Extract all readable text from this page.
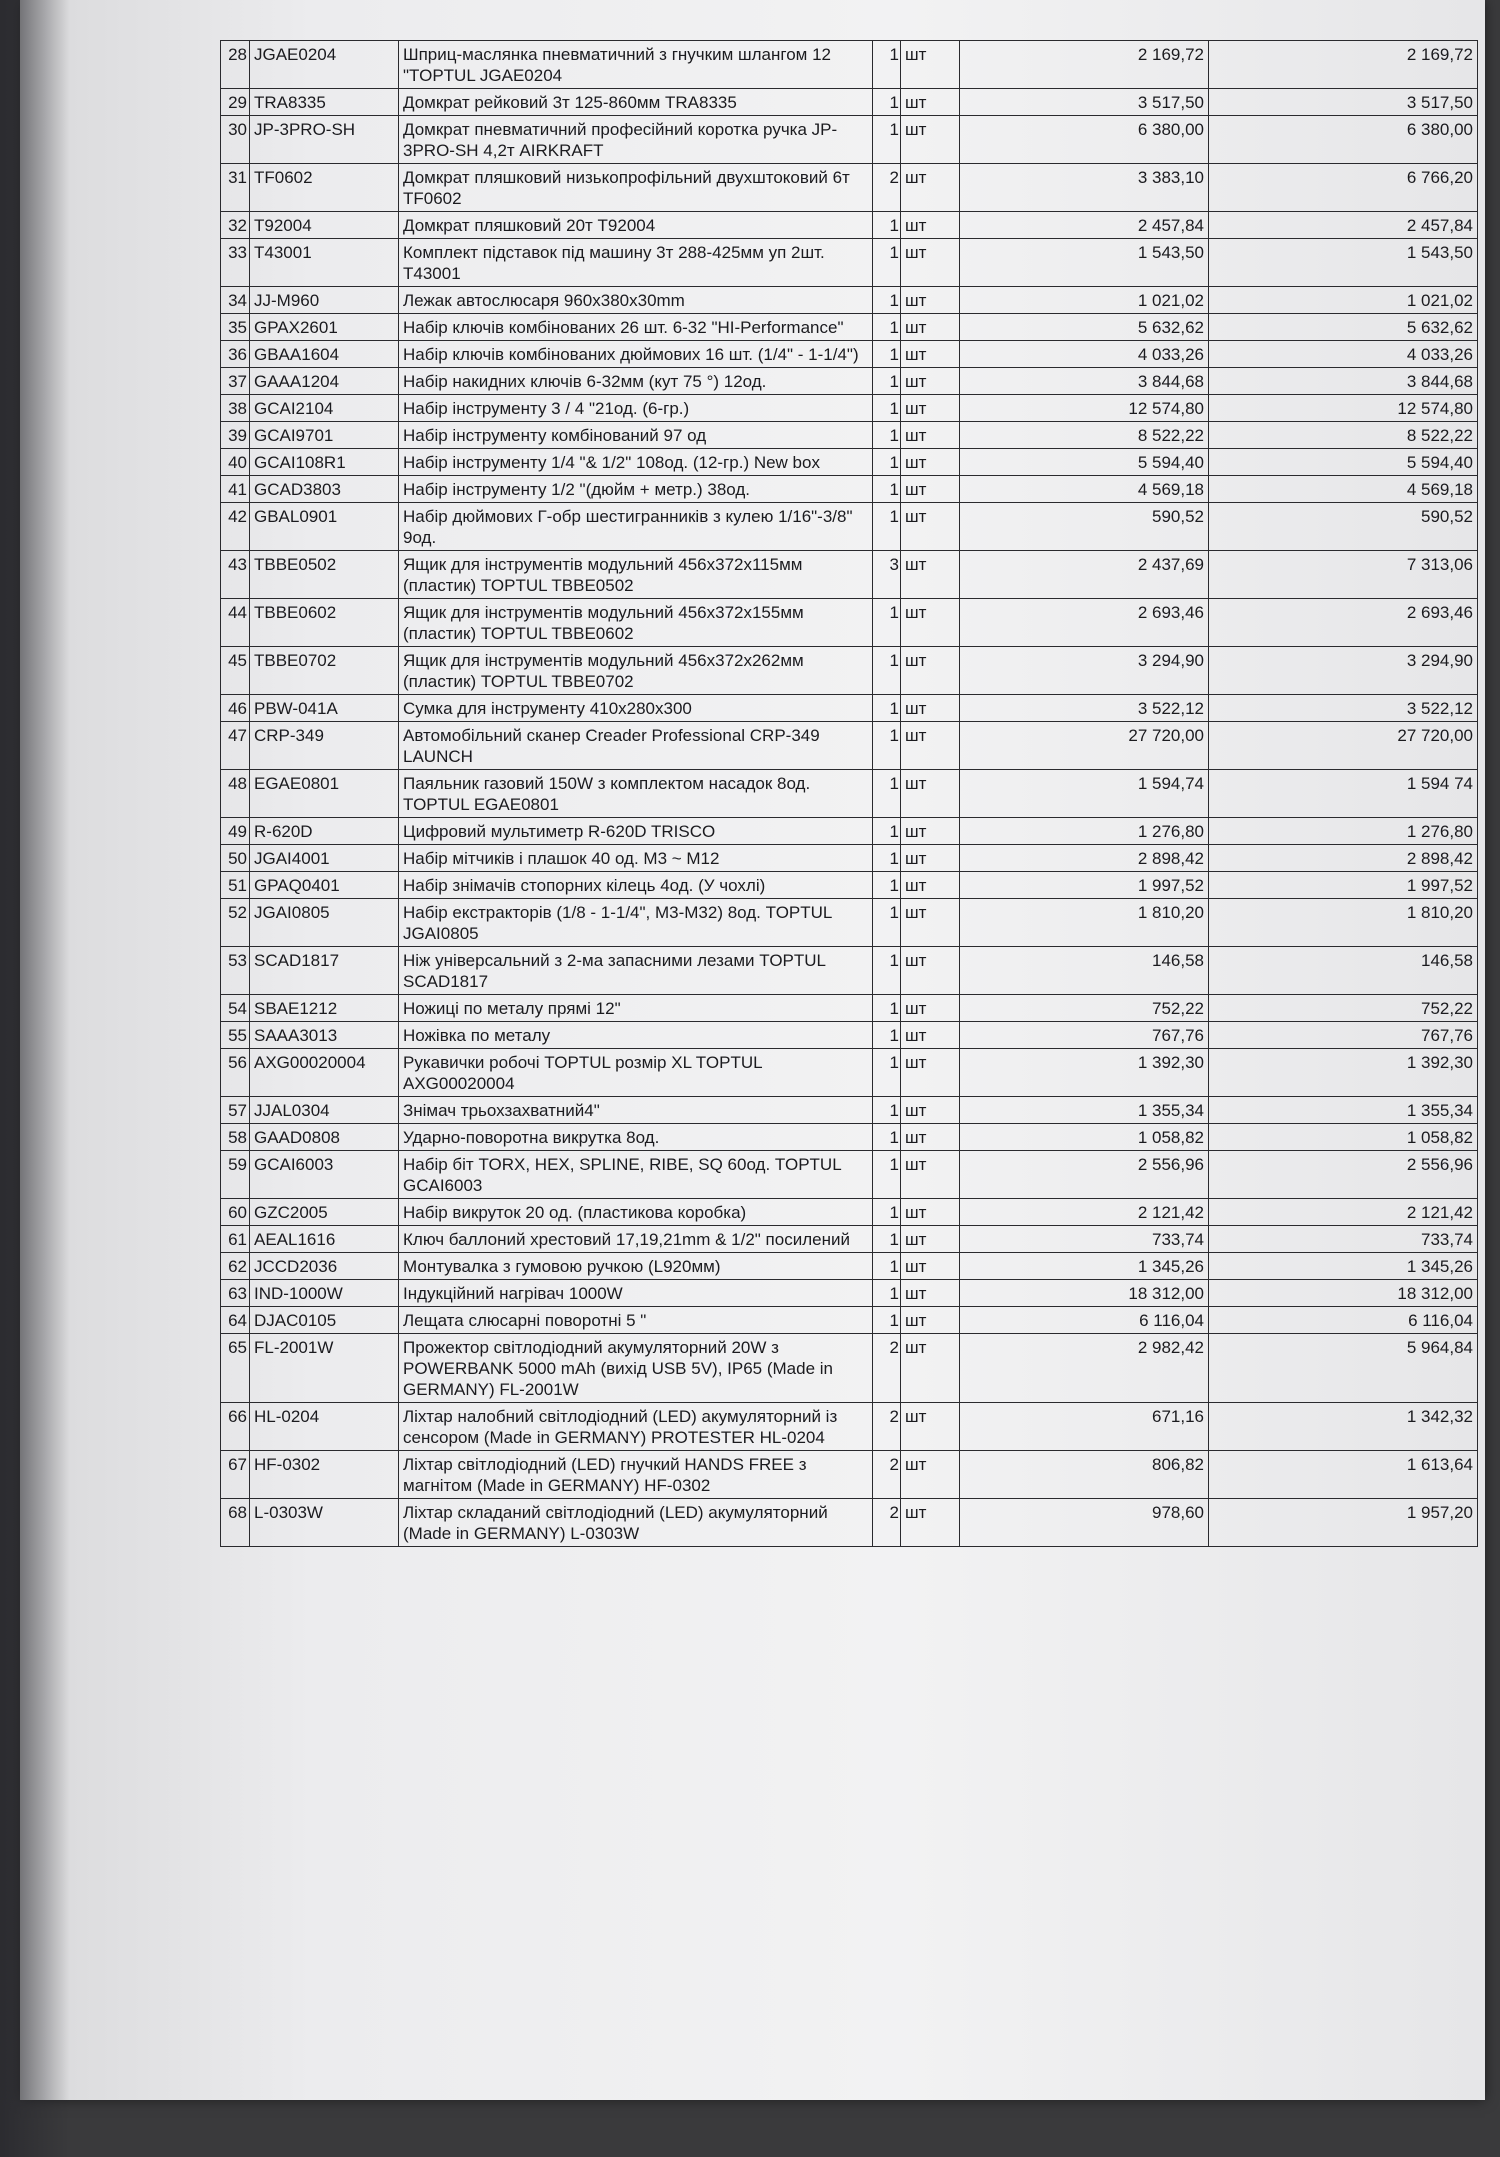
28	JGAE0204	Шприц-маслянка пневматичний з гнучким шлангом 12 "TOPTUL JGAE0204	1	шт	2 169,72	2 169,72
29	TRA8335	Домкрат рейковий 3т 125-860мм TRA8335	1	шт	3 517,50	3 517,50
30	JP-3PRO-SH	Домкрат пневматичний професійний коротка ручка JP-3PRO-SH 4,2т AIRKRAFT	1	шт	6 380,00	6 380,00
31	TF0602	Домкрат пляшковий низькопрофільний двухштоковий 6т TF0602	2	шт	3 383,10	6 766,20
32	T92004	Домкрат пляшковий 20т T92004	1	шт	2 457,84	2 457,84
33	T43001	Комплект підставок під машину 3т 288-425мм уп 2шт. T43001	1	шт	1 543,50	1 543,50
34	JJ-M960	Лежак автослюсаря 960x380x30mm	1	шт	1 021,02	1 021,02
35	GPAX2601	Набір ключів комбінованих 26 шт. 6-32 "HI-Performance"	1	шт	5 632,62	5 632,62
36	GBAA1604	Набір ключів комбінованих дюймових 16 шт. (1/4" - 1-1/4")	1	шт	4 033,26	4 033,26
37	GAAA1204	Набір накидних ключів 6-32мм (кут 75 °) 12од.	1	шт	3 844,68	3 844,68
38	GCAI2104	Набір інструменту 3 / 4 "21од. (6-гр.)	1	шт	12 574,80	12 574,80
39	GCAI9701	Набір інструменту комбінований 97 од	1	шт	8 522,22	8 522,22
40	GCAI108R1	Набір інструменту 1/4 "& 1/2" 108од. (12-гр.) New box	1	шт	5 594,40	5 594,40
41	GCAD3803	Набір інструменту 1/2 "(дюйм + метр.) 38од.	1	шт	4 569,18	4 569,18
42	GBAL0901	Набір дюймових Г-обр шестигранників з кулею 1/16"-3/8" 9од.	1	шт	590,52	590,52
43	TBBE0502	Ящик для інструментів модульний 456x372x115мм (пластик) TOPTUL TBBE0502	3	шт	2 437,69	7 313,06
44	TBBE0602	Ящик для інструментів модульний 456x372x155мм (пластик) TOPTUL TBBE0602	1	шт	2 693,46	2 693,46
45	TBBE0702	Ящик для інструментів модульний 456x372x262мм (пластик) TOPTUL TBBE0702	1	шт	3 294,90	3 294,90
46	PBW-041A	Сумка для інструменту 410x280x300	1	шт	3 522,12	3 522,12
47	CRP-349	Автомобільний сканер Creader Professional CRP-349 LAUNCH	1	шт	27 720,00	27 720,00
48	EGAE0801	Паяльник газовий 150W з комплектом насадок 8од. TOPTUL EGAE0801	1	шт	1 594,74	1 594 74
49	R-620D	Цифровий мультиметр R-620D TRISCO	1	шт	1 276,80	1 276,80
50	JGAI4001	Набір мітчиків і плашок 40 од. M3 ~ M12	1	шт	2 898,42	2 898,42
51	GPAQ0401	Набір знімачів стопорних кілець 4од. (У чохлі)	1	шт	1 997,52	1 997,52
52	JGAI0805	Набір екстракторів (1/8 - 1-1/4", M3-M32) 8од. TOPTUL JGAI0805	1	шт	1 810,20	1 810,20
53	SCAD1817	Ніж універсальний з 2-ма запасними лезами TOPTUL SCAD1817	1	шт	146,58	146,58
54	SBAE1212	Ножиці по металу прямі 12"	1	шт	752,22	752,22
55	SAAA3013	Ножівка по металу	1	шт	767,76	767,76
56	AXG00020004	Рукавички робочі TOPTUL розмір XL TOPTUL AXG00020004	1	шт	1 392,30	1 392,30
57	JJAL0304	Знімач трьохзахватний4"	1	шт	1 355,34	1 355,34
58	GAAD0808	Ударно-поворотна викрутка 8од.	1	шт	1 058,82	1 058,82
59	GCAI6003	Набір біт TORX, HEX, SPLINE, RIBE, SQ 60од. TOPTUL GCAI6003	1	шт	2 556,96	2 556,96
60	GZC2005	Набір викруток 20 од. (пластикова коробка)	1	шт	2 121,42	2 121,42
61	AEAL1616	Ключ баллоний хрестовий 17,19,21mm & 1/2" посилений	1	шт	733,74	733,74
62	JCCD2036	Монтувалка з гумовою ручкою (L920мм)	1	шт	1 345,26	1 345,26
63	IND-1000W	Індукційний нагрівач 1000W	1	шт	18 312,00	18 312,00
64	DJAC0105	Лещата слюсарні поворотні 5 "	1	шт	6 116,04	6 116,04
65	FL-2001W	Прожектор світлодіодний акумуляторний 20W з POWERBANK 5000 mAh (вихід USB 5V), IP65 (Made in GERMANY) FL-2001W	2	шт	2 982,42	5 964,84
66	HL-0204	Ліхтар налобний світлодіодний (LED) акумуляторний із сенсором (Made in GERMANY) PROTESTER HL-0204	2	шт	671,16	1 342,32
67	HF-0302	Ліхтар світлодіодний (LED) гнучкий HANDS FREE з магнітом (Made in GERMANY) HF-0302	2	шт	806,82	1 613,64
68	L-0303W	Ліхтар складаний світлодіодний (LED) акумуляторний (Made in GERMANY) L-0303W	2	шт	978,60	1 957,20
